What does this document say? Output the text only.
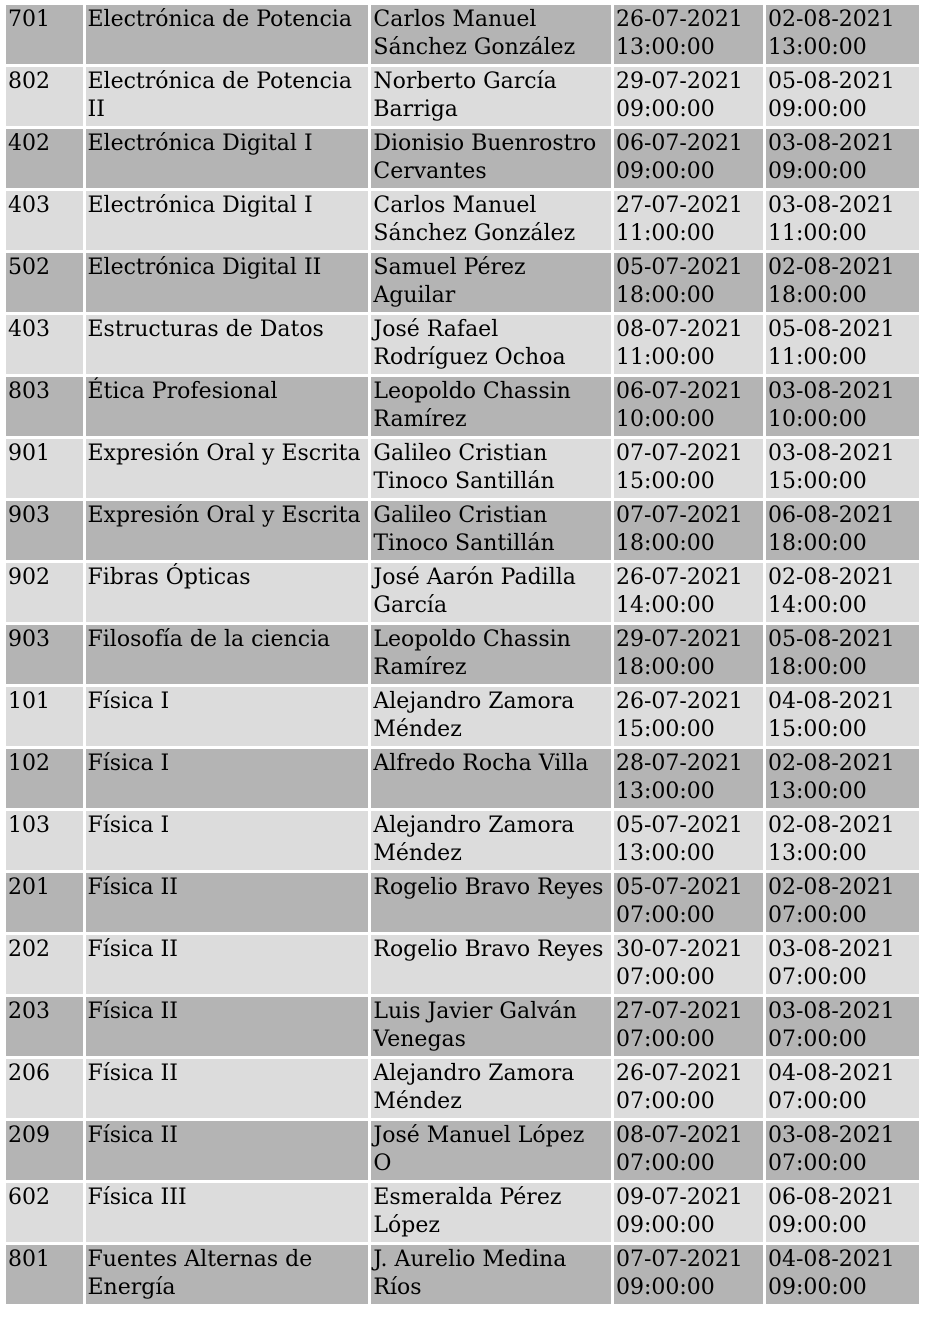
701	Electrónica de Potencia	Carlos Manuel Sánchez González	26-07-2021 13:00:00	02-08-2021 13:00:00
802	Electrónica de Potencia II	Norberto García Barriga	29-07-2021 09:00:00	05-08-2021 09:00:00
402	Electrónica Digital I	Dionisio Buenrostro Cervantes	06-07-2021 09:00:00	03-08-2021 09:00:00
403	Electrónica Digital I	Carlos Manuel Sánchez González	27-07-2021 11:00:00	03-08-2021 11:00:00
502	Electrónica Digital II	Samuel Pérez Aguilar	05-07-2021 18:00:00	02-08-2021 18:00:00
403	Estructuras de Datos	José Rafael Rodríguez Ochoa	08-07-2021 11:00:00	05-08-2021 11:00:00
803	Ética Profesional	Leopoldo Chassin Ramírez	06-07-2021 10:00:00	03-08-2021 10:00:00
901	Expresión Oral y Escrita	Galileo Cristian Tinoco Santillán	07-07-2021 15:00:00	03-08-2021 15:00:00
903	Expresión Oral y Escrita	Galileo Cristian Tinoco Santillán	07-07-2021 18:00:00	06-08-2021 18:00:00
902	Fibras Ópticas	José Aarón Padilla García	26-07-2021 14:00:00	02-08-2021 14:00:00
903	Filosofía de la ciencia	Leopoldo Chassin Ramírez	29-07-2021 18:00:00	05-08-2021 18:00:00
101	Física I	Alejandro Zamora Méndez	26-07-2021 15:00:00	04-08-2021 15:00:00
102	Física I	Alfredo Rocha Villa	28-07-2021 13:00:00	02-08-2021 13:00:00
103	Física I	Alejandro Zamora Méndez	05-07-2021 13:00:00	02-08-2021 13:00:00
201	Física II	Rogelio Bravo Reyes	05-07-2021 07:00:00	02-08-2021 07:00:00
202	Física II	Rogelio Bravo Reyes	30-07-2021 07:00:00	03-08-2021 07:00:00
203	Física II	Luis Javier Galván Venegas	27-07-2021 07:00:00	03-08-2021 07:00:00
206	Física II	Alejandro Zamora Méndez	26-07-2021 07:00:00	04-08-2021 07:00:00
209	Física II	José Manuel López O	08-07-2021 07:00:00	03-08-2021 07:00:00
602	Física III	Esmeralda Pérez López	09-07-2021 09:00:00	06-08-2021 09:00:00
801	Fuentes Alternas de Energía	J. Aurelio Medina Ríos	07-07-2021 09:00:00	04-08-2021 09:00:00
